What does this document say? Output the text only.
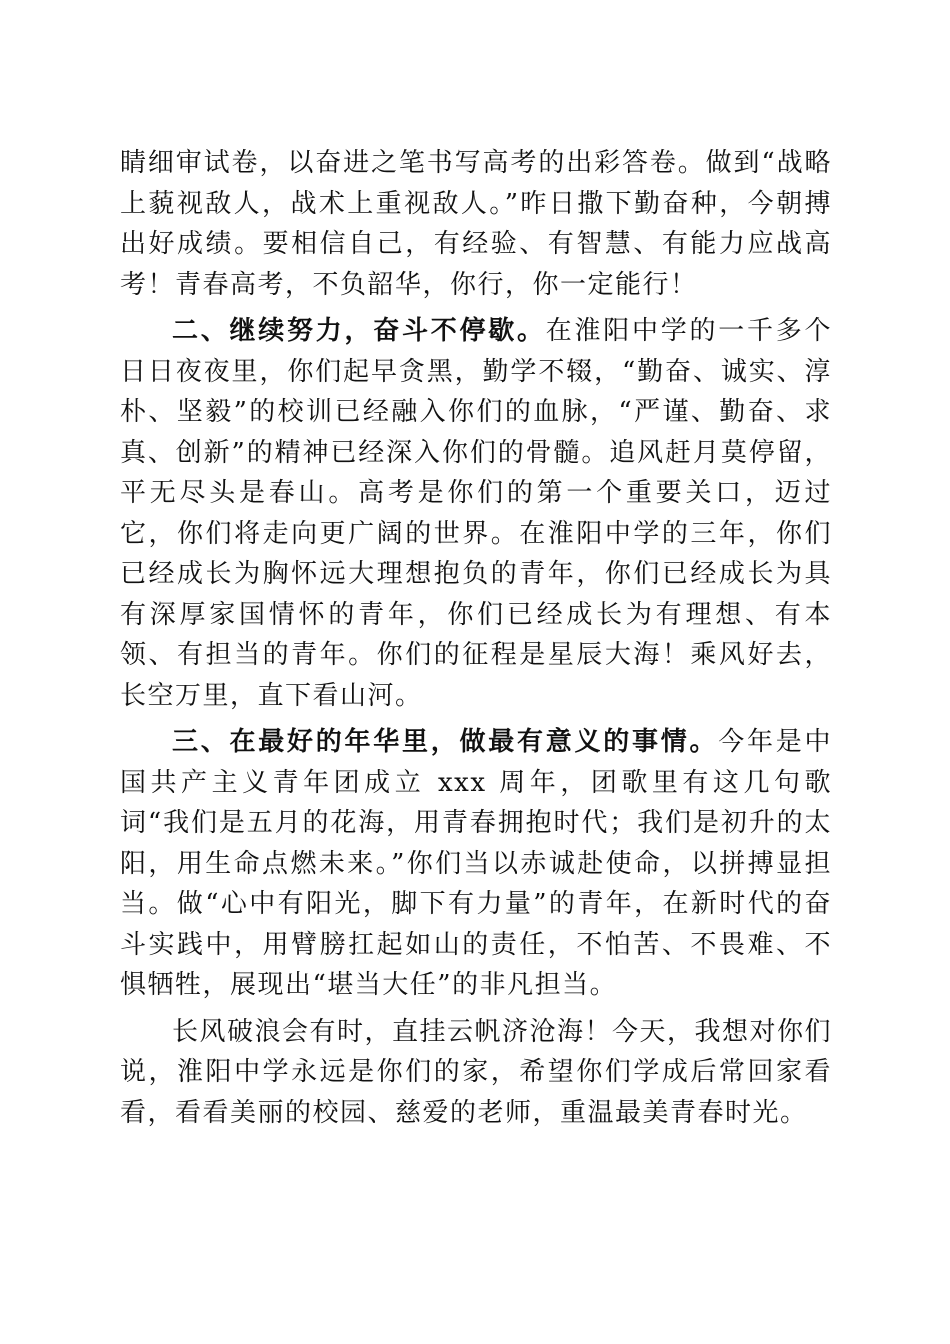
睛细审试卷，以奋进之笔书写高考的出彩答卷。做到“战略上藐视敌人，战术上重视敌人。”昨日撒下勤奋种，今朝搏出好成绩。要相信自己，有经验、有智慧、有能力应战高考！青春高考，不负韶华，你行，你一定能行！

二、继续努力，奋斗不停歇。在淮阳中学的一千多个日日夜夜里，你们起早贪黑，勤学不辍，“勤奋、诚实、淳朴、坚毅”的校训已经融入你们的血脉，“严谨、勤奋、求真、创新”的精神已经深入你们的骨髓。追风赶月莫停留，平无尽头是春山。高考是你们的第一个重要关口，迈过它，你们将走向更广阔的世界。在淮阳中学的三年，你们已经成长为胸怀远大理想抱负的青年，你们已经成长为具有深厚家国情怀的青年，你们已经成长为有理想、有本领、有担当的青年。你们的征程是星辰大海！乘风好去，长空万里，直下看山河。

三、在最好的年华里，做最有意义的事情。今年是中国共产主义青年团成立 xxx 周年，团歌里有这几句歌词“我们是五月的花海，用青春拥抱时代；我们是初升的太阳，用生命点燃未来。”你们当以赤诚赴使命，以拼搏显担当。做“心中有阳光，脚下有力量”的青年，在新时代的奋斗实践中，用臂膀扛起如山的责任，不怕苦、不畏难、不惧牺牲，展现出“堪当大任”的非凡担当。

长风破浪会有时，直挂云帆济沧海！今天，我想对你们说，淮阳中学永远是你们的家，希望你们学成后常回家看看，看看美丽的校园、慈爱的老师，重温最美青春时光。
